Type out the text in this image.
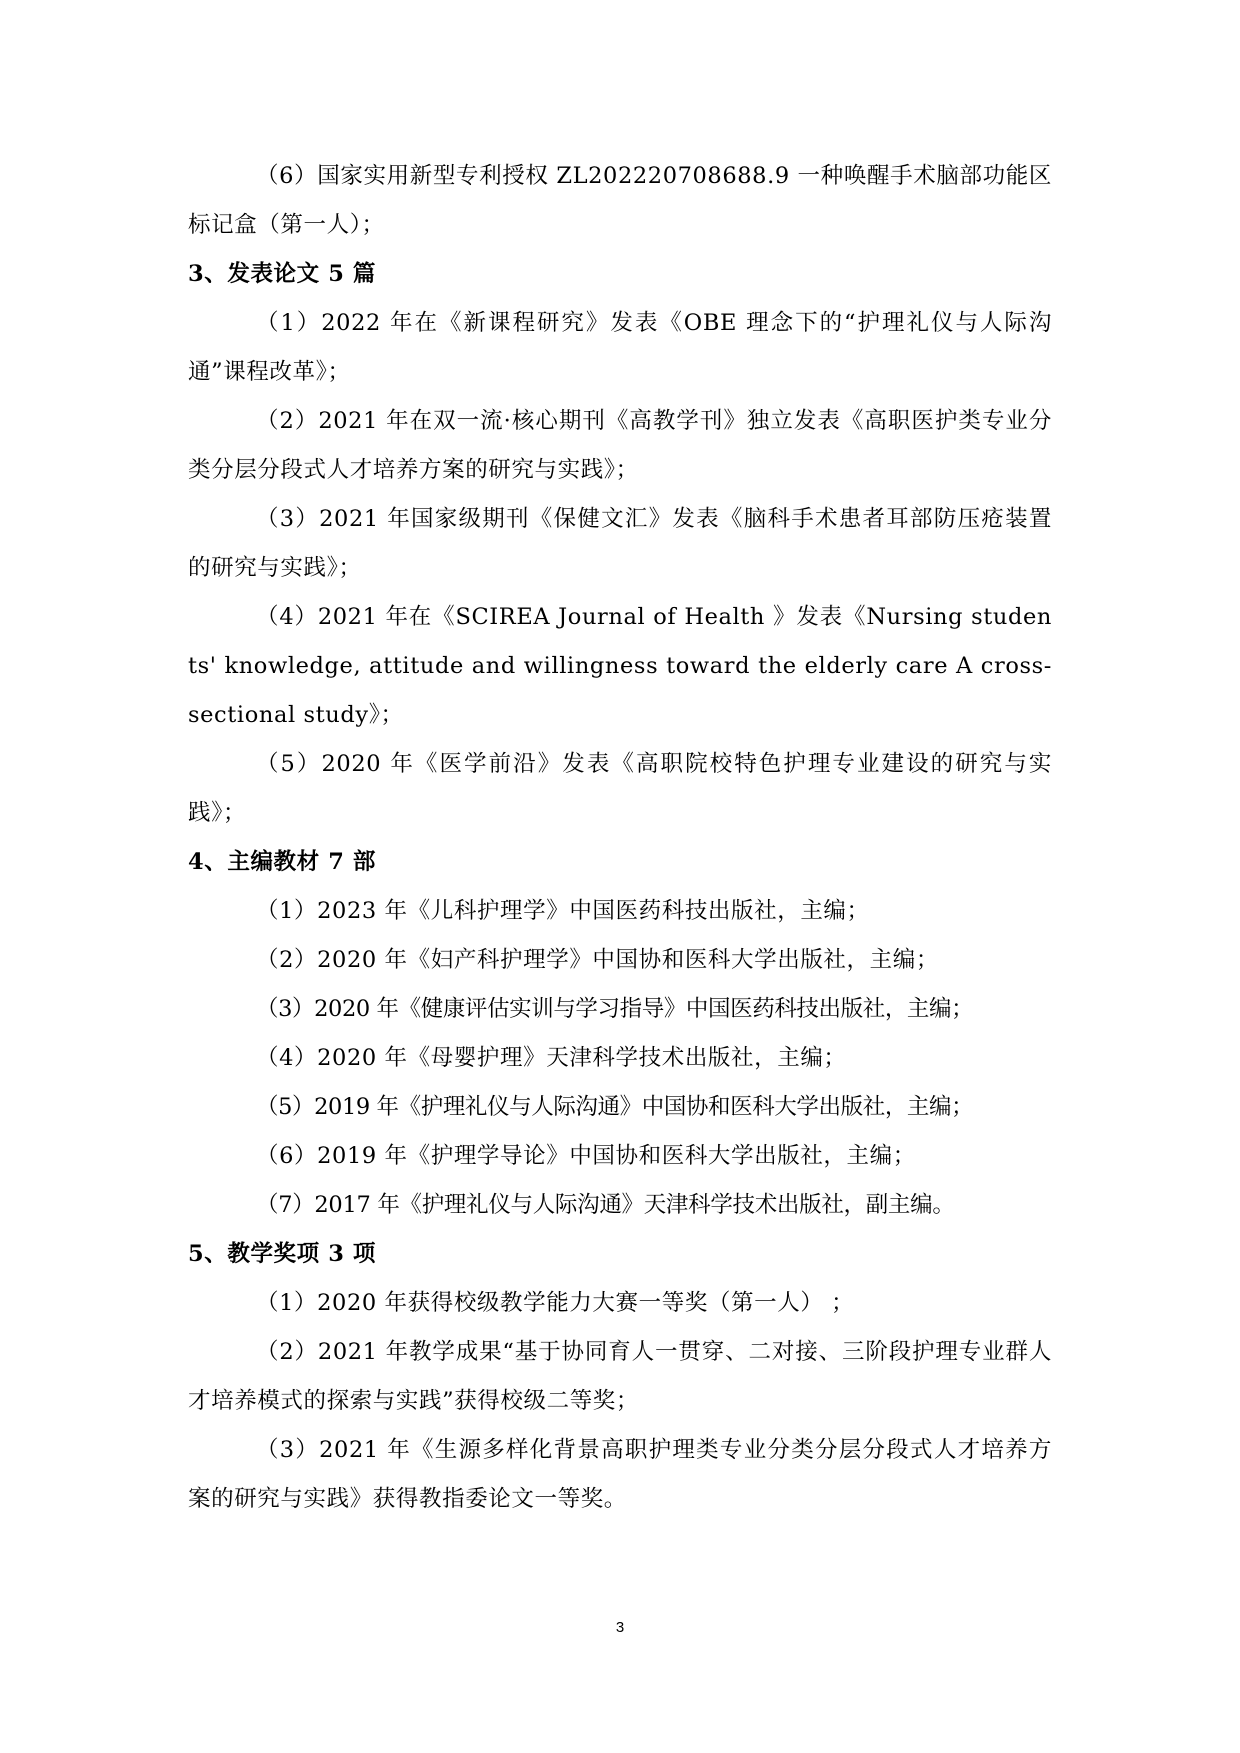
（6）国家实用新型专利授权 ZL202220708688.9 一种唤醒手术脑部功能区标记盒（第一人）；

3、发表论文 5 篇

（1）2022 年在《新课程研究》发表《OBE 理念下的“护理礼仪与人际沟通”课程改革》；

（2）2021 年在双一流·核心期刊《高教学刊》独立发表《高职医护类专业分类分层分段式人才培养方案的研究与实践》；

（3）2021 年国家级期刊《保健文汇》发表《脑科手术患者耳部防压疮装置的研究与实践》；

（4）2021 年在《SCIREA Journal of Health 》发表《Nursing students' knowledge, attitude and willingness toward the elderly care A cross-sectional study》；

（5）2020 年《医学前沿》发表《高职院校特色护理专业建设的研究与实践》；

4、主编教材 7 部

（1）2023 年《儿科护理学》中国医药科技出版社，主编；

（2）2020 年《妇产科护理学》中国协和医科大学出版社，主编；

（3）2020 年《健康评估实训与学习指导》中国医药科技出版社，主编；

（4）2020 年《母婴护理》天津科学技术出版社，主编；

（5）2019 年《护理礼仪与人际沟通》中国协和医科大学出版社，主编；

（6）2019 年《护理学导论》中国协和医科大学出版社，主编；

（7）2017 年《护理礼仪与人际沟通》天津科学技术出版社，副主编。

5、教学奖项 3 项

（1）2020 年获得校级教学能力大赛一等奖（第一人） ；

（2）2021 年教学成果“基于协同育人一贯穿、二对接、三阶段护理专业群人才培养模式的探索与实践”获得校级二等奖；

（3）2021 年《生源多样化背景高职护理类专业分类分层分段式人才培养方案的研究与实践》获得教指委论文一等奖。

3
